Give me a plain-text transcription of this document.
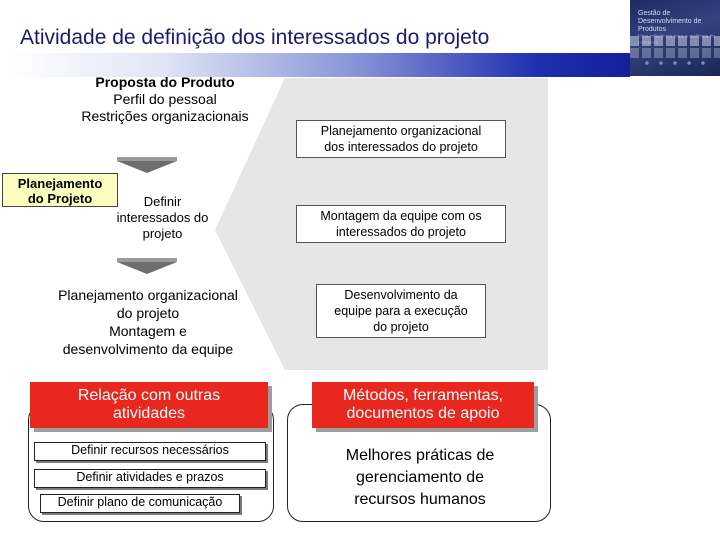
Atividade de definição dos interessados do projeto
Gestão de
Desenvolvimento de Produtos
Proposta do Produto
Perfil do pessoal
Restrições organizacionais
Planejamento
do Projeto	Definir
interessados do
projeto
Planejamento organizacional
do projeto
Montagem e
desenvolvimento da equipe
Planejamento organizacional
dos interessados do projeto
Montagem da equipe com os
interessados do projeto
Desenvolvimento da
equipe para a execução
do projeto
Relação com outras
atividades
Definir recursos necessários
Definir atividades e prazos
Definir plano de comunicação
Métodos, ferramentas,
documentos de apoio
Melhores práticas de
gerenciamento de
recursos humanos
